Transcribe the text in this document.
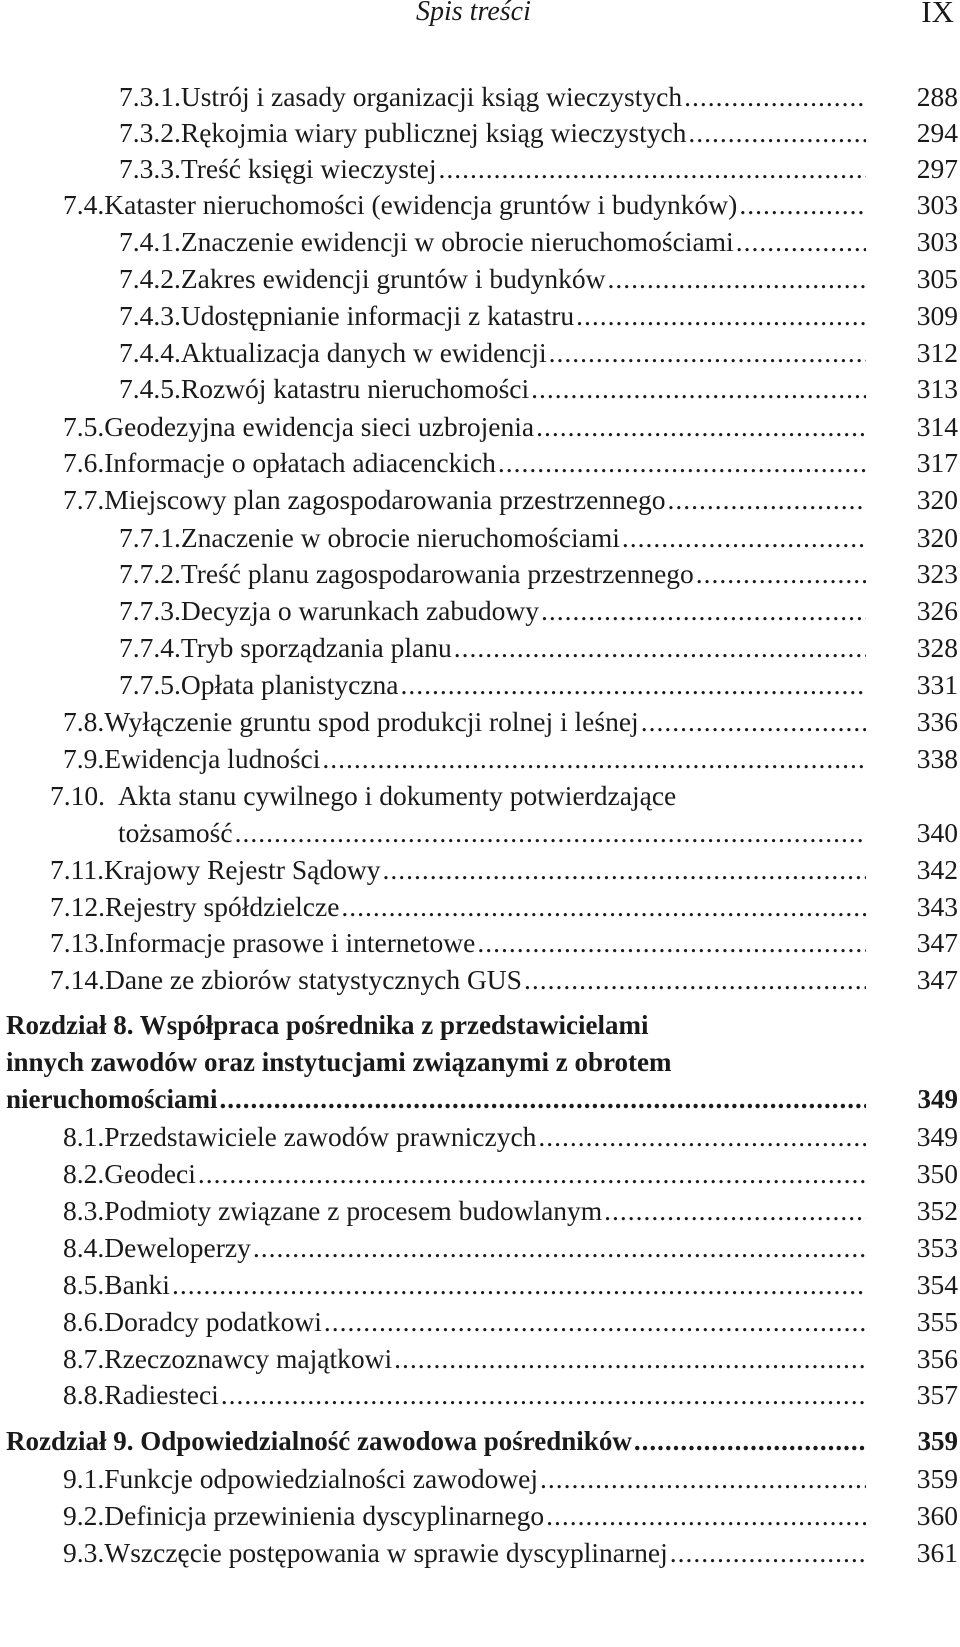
Spis treści	IX
7.3.1. Ustrój i zasady organizacji ksiąg wieczystych .....	288
7.3.2. Rękojmia wiary publicznej ksiąg wieczystych .....	294
7.3.3. Treść księgi wieczystej .....	297
7.4. Kataster nieruchomości (ewidencja gruntów i budynków) .....	303
7.4.1. Znaczenie ewidencji w obrocie nieruchomościami .....	303
7.4.2. Zakres ewidencji gruntów i budynków .....	305
7.4.3. Udostępnianie informacji z katastru .....	309
7.4.4. Aktualizacja danych w ewidencji .....	312
7.4.5. Rozwój katastru nieruchomości .....	313
7.5. Geodezyjna ewidencja sieci uzbrojenia .....	314
7.6. Informacje o opłatach adiacenckich .....	317
7.7. Miejscowy plan zagospodarowania przestrzennego .....	320
7.7.1. Znaczenie w obrocie nieruchomościami .....	320
7.7.2. Treść planu zagospodarowania przestrzennego .....	323
7.7.3. Decyzja o warunkach zabudowy .....	326
7.7.4. Tryb sporządzania planu .....	328
7.7.5. Opłata planistyczna .....	331
7.8. Wyłączenie gruntu spod produkcji rolnej i leśnej .....	336
7.9. Ewidencja ludności .....	338
7.10. Akta stanu cywilnego i dokumenty potwierdzające
tożsamość .....	340
7.11. Krajowy Rejestr Sądowy .....	342
7.12. Rejestry spółdzielcze .....	343
7.13. Informacje prasowe i internetowe .....	347
7.14. Dane ze zbiorów statystycznych GUS .....	347
Rozdział 8. Współpraca pośrednika z przedstawicielami
innych zawodów oraz instytucjami związanymi z obrotem
nieruchomościami .....	349
8.1. Przedstawiciele zawodów prawniczych .....	349
8.2. Geodeci .....	350
8.3. Podmioty związane z procesem budowlanym .....	352
8.4. Deweloperzy .....	353
8.5. Banki .....	354
8.6. Doradcy podatkowi .....	355
8.7. Rzeczoznawcy majątkowi .....	356
8.8. Radiesteci .....	357
Rozdział 9. Odpowiedzialność zawodowa pośredników .....	359
9.1. Funkcje odpowiedzialności zawodowej .....	359
9.2. Definicja przewinienia dyscyplinarnego .....	360
9.3. Wszczęcie postępowania w sprawie dyscyplinarnej .....	361
